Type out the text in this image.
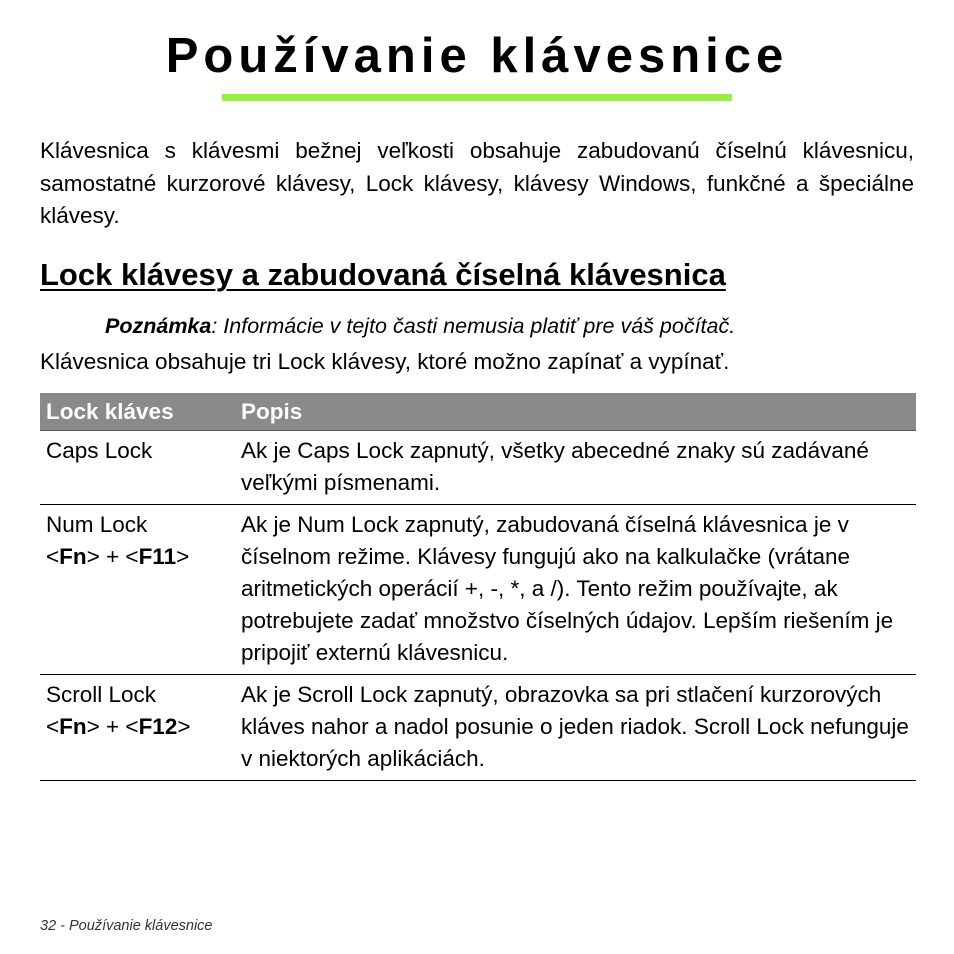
Používanie klávesnice

Klávesnica s klávesmi bežnej veľkosti obsahuje zabudovanú číselnú klávesnicu, samostatné kurzorové klávesy, Lock klávesy, klávesy Windows, funkčné a špeciálne klávesy.

Lock klávesy a zabudovaná číselná klávesnica

Poznámka: Informácie v tejto časti nemusia platiť pre váš počítač.

Klávesnica obsahuje tri Lock klávesy, ktoré možno zapínať a vypínať.

Lock kláves	Popis

Caps Lock	Ak je Caps Lock zapnutý, všetky abecedné znaky sú zadávané veľkými písmenami.

Num Lock
<Fn> + <F11>	Ak je Num Lock zapnutý, zabudovaná číselná klávesnica je v číselnom režime. Klávesy fungujú ako na kalkulačke (vrátane aritmetických operácií +, -, *, a /). Tento režim používajte, ak potrebujete zadať množstvo číselných údajov. Lepším riešením je pripojiť externú klávesnicu.

Scroll Lock
<Fn> + <F12>	Ak je Scroll Lock zapnutý, obrazovka sa pri stlačení kurzorových kláves nahor a nadol posunie o jeden riadok. Scroll Lock nefunguje v niektorých aplikáciách.

32 - Používanie klávesnice
